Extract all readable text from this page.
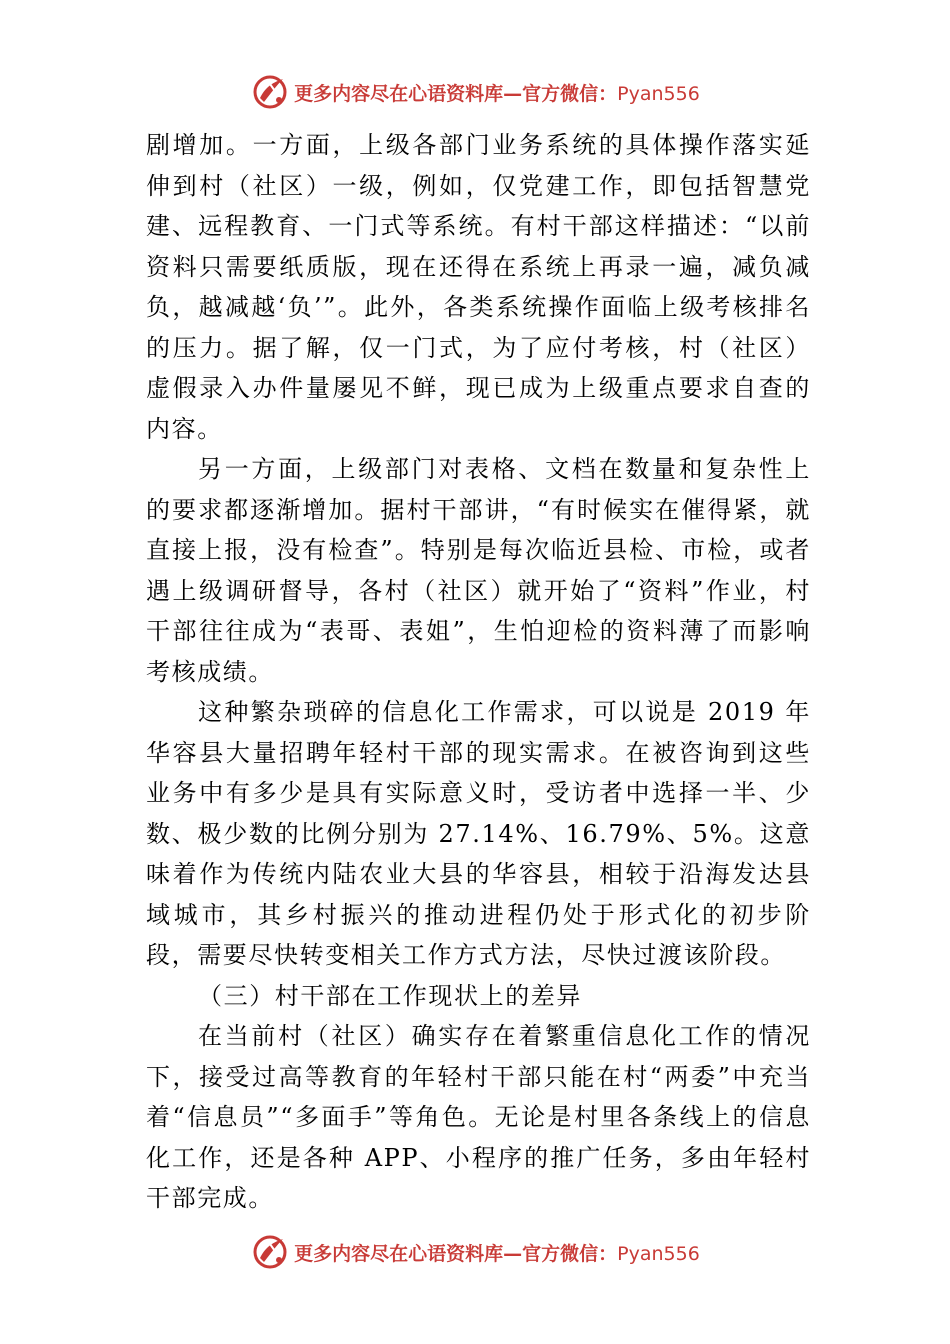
更多内容尽在心语资料库—官方微信：Pyan556

剧增加。一方面，上级各部门业务系统的具体操作落实延伸到村（社区）一级，例如，仅党建工作，即包括智慧党建、远程教育、一门式等系统。有村干部这样描述：“以前资料只需要纸质版，现在还得在系统上再录一遍，减负减负，越减越‘负’”。此外，各类系统操作面临上级考核排名的压力。据了解，仅一门式，为了应付考核，村（社区）虚假录入办件量屡见不鲜，现已成为上级重点要求自查的内容。

另一方面，上级部门对表格、文档在数量和复杂性上的要求都逐渐增加。据村干部讲，“有时候实在催得紧，就直接上报，没有检查”。特别是每次临近县检、市检，或者遇上级调研督导，各村（社区）就开始了“资料”作业，村干部往往成为“表哥、表姐”，生怕迎检的资料薄了而影响考核成绩。

这种繁杂琐碎的信息化工作需求，可以说是 2019 年华容县大量招聘年轻村干部的现实需求。在被咨询到这些业务中有多少是具有实际意义时，受访者中选择一半、少数、极少数的比例分别为 27.14%、16.79%、5%。这意味着作为传统内陆农业大县的华容县，相较于沿海发达县域城市，其乡村振兴的推动进程仍处于形式化的初步阶段，需要尽快转变相关工作方式方法，尽快过渡该阶段。

（三）村干部在工作现状上的差异

在当前村（社区）确实存在着繁重信息化工作的情况下，接受过高等教育的年轻村干部只能在村“两委”中充当着“信息员”“多面手”等角色。无论是村里各条线上的信息化工作，还是各种 APP、小程序的推广任务，多由年轻村干部完成。

更多内容尽在心语资料库—官方微信：Pyan556
